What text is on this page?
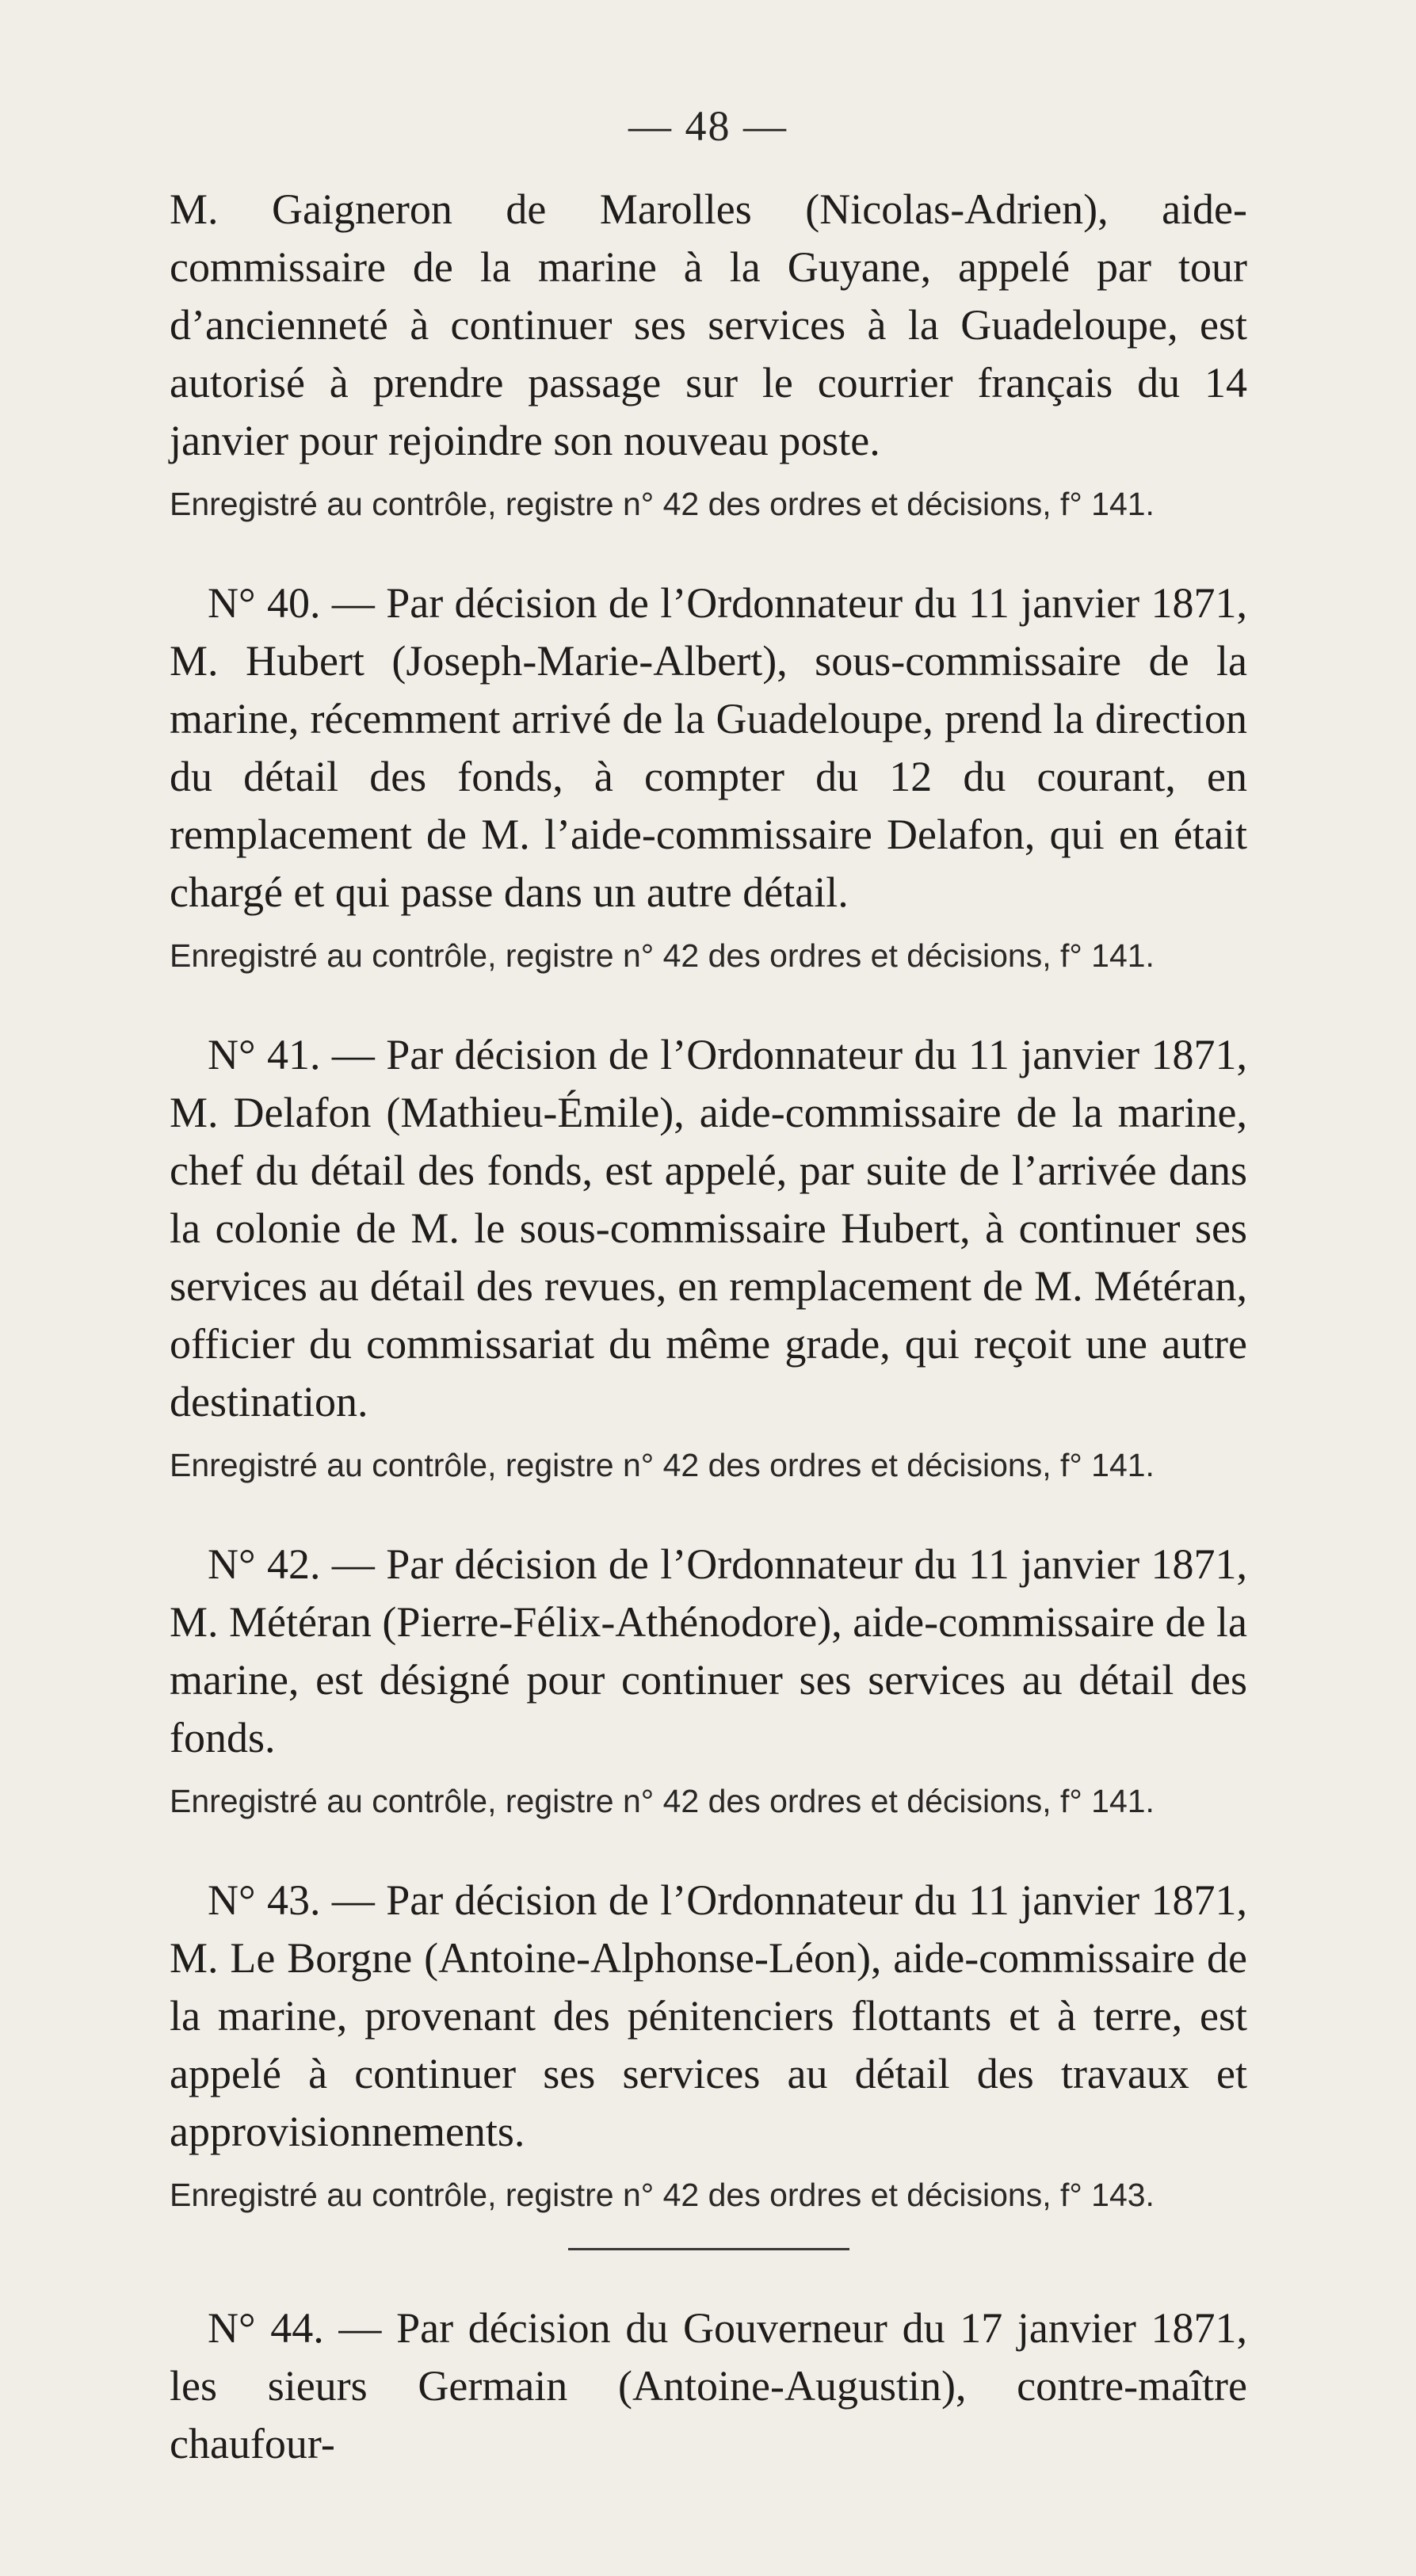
— 48 —

M. Gaigneron de Marolles (Nicolas-Adrien), aide-commissaire de la marine à la Guyane, appelé par tour d’ancienneté à continuer ses services à la Guadeloupe, est autorisé à prendre passage sur le courrier français du 14 janvier pour rejoindre son nouveau poste.

Enregistré au contrôle, registre n° 42 des ordres et décisions, f° 141.

N° 40. — Par décision de l’Ordonnateur du 11 janvier 1871, M. Hubert (Joseph-Marie-Albert), sous-commissaire de la marine, récemment arrivé de la Guadeloupe, prend la direction du détail des fonds, à compter du 12 du courant, en remplacement de M. l’aide-commissaire Delafon, qui en était chargé et qui passe dans un autre détail.

Enregistré au contrôle, registre n° 42 des ordres et décisions, f° 141.

N° 41. — Par décision de l’Ordonnateur du 11 janvier 1871, M. Delafon (Mathieu-Émile), aide-commissaire de la marine, chef du détail des fonds, est appelé, par suite de l’arrivée dans la colonie de M. le sous-commissaire Hubert, à continuer ses services au détail des revues, en remplacement de M. Météran, officier du commissariat du même grade, qui reçoit une autre destination.

Enregistré au contrôle, registre n° 42 des ordres et décisions, f° 141.

N° 42. — Par décision de l’Ordonnateur du 11 janvier 1871, M. Météran (Pierre-Félix-Athénodore), aide-commissaire de la marine, est désigné pour continuer ses services au détail des fonds.

Enregistré au contrôle, registre n° 42 des ordres et décisions, f° 141.

N° 43. — Par décision de l’Ordonnateur du 11 janvier 1871, M. Le Borgne (Antoine-Alphonse-Léon), aide-commissaire de la marine, provenant des pénitenciers flottants et à terre, est appelé à continuer ses services au détail des travaux et approvisionnements.

Enregistré au contrôle, registre n° 42 des ordres et décisions, f° 143.

N° 44. — Par décision du Gouverneur du 17 janvier 1871, les sieurs Germain (Antoine-Augustin), contre-maître chaufour-
